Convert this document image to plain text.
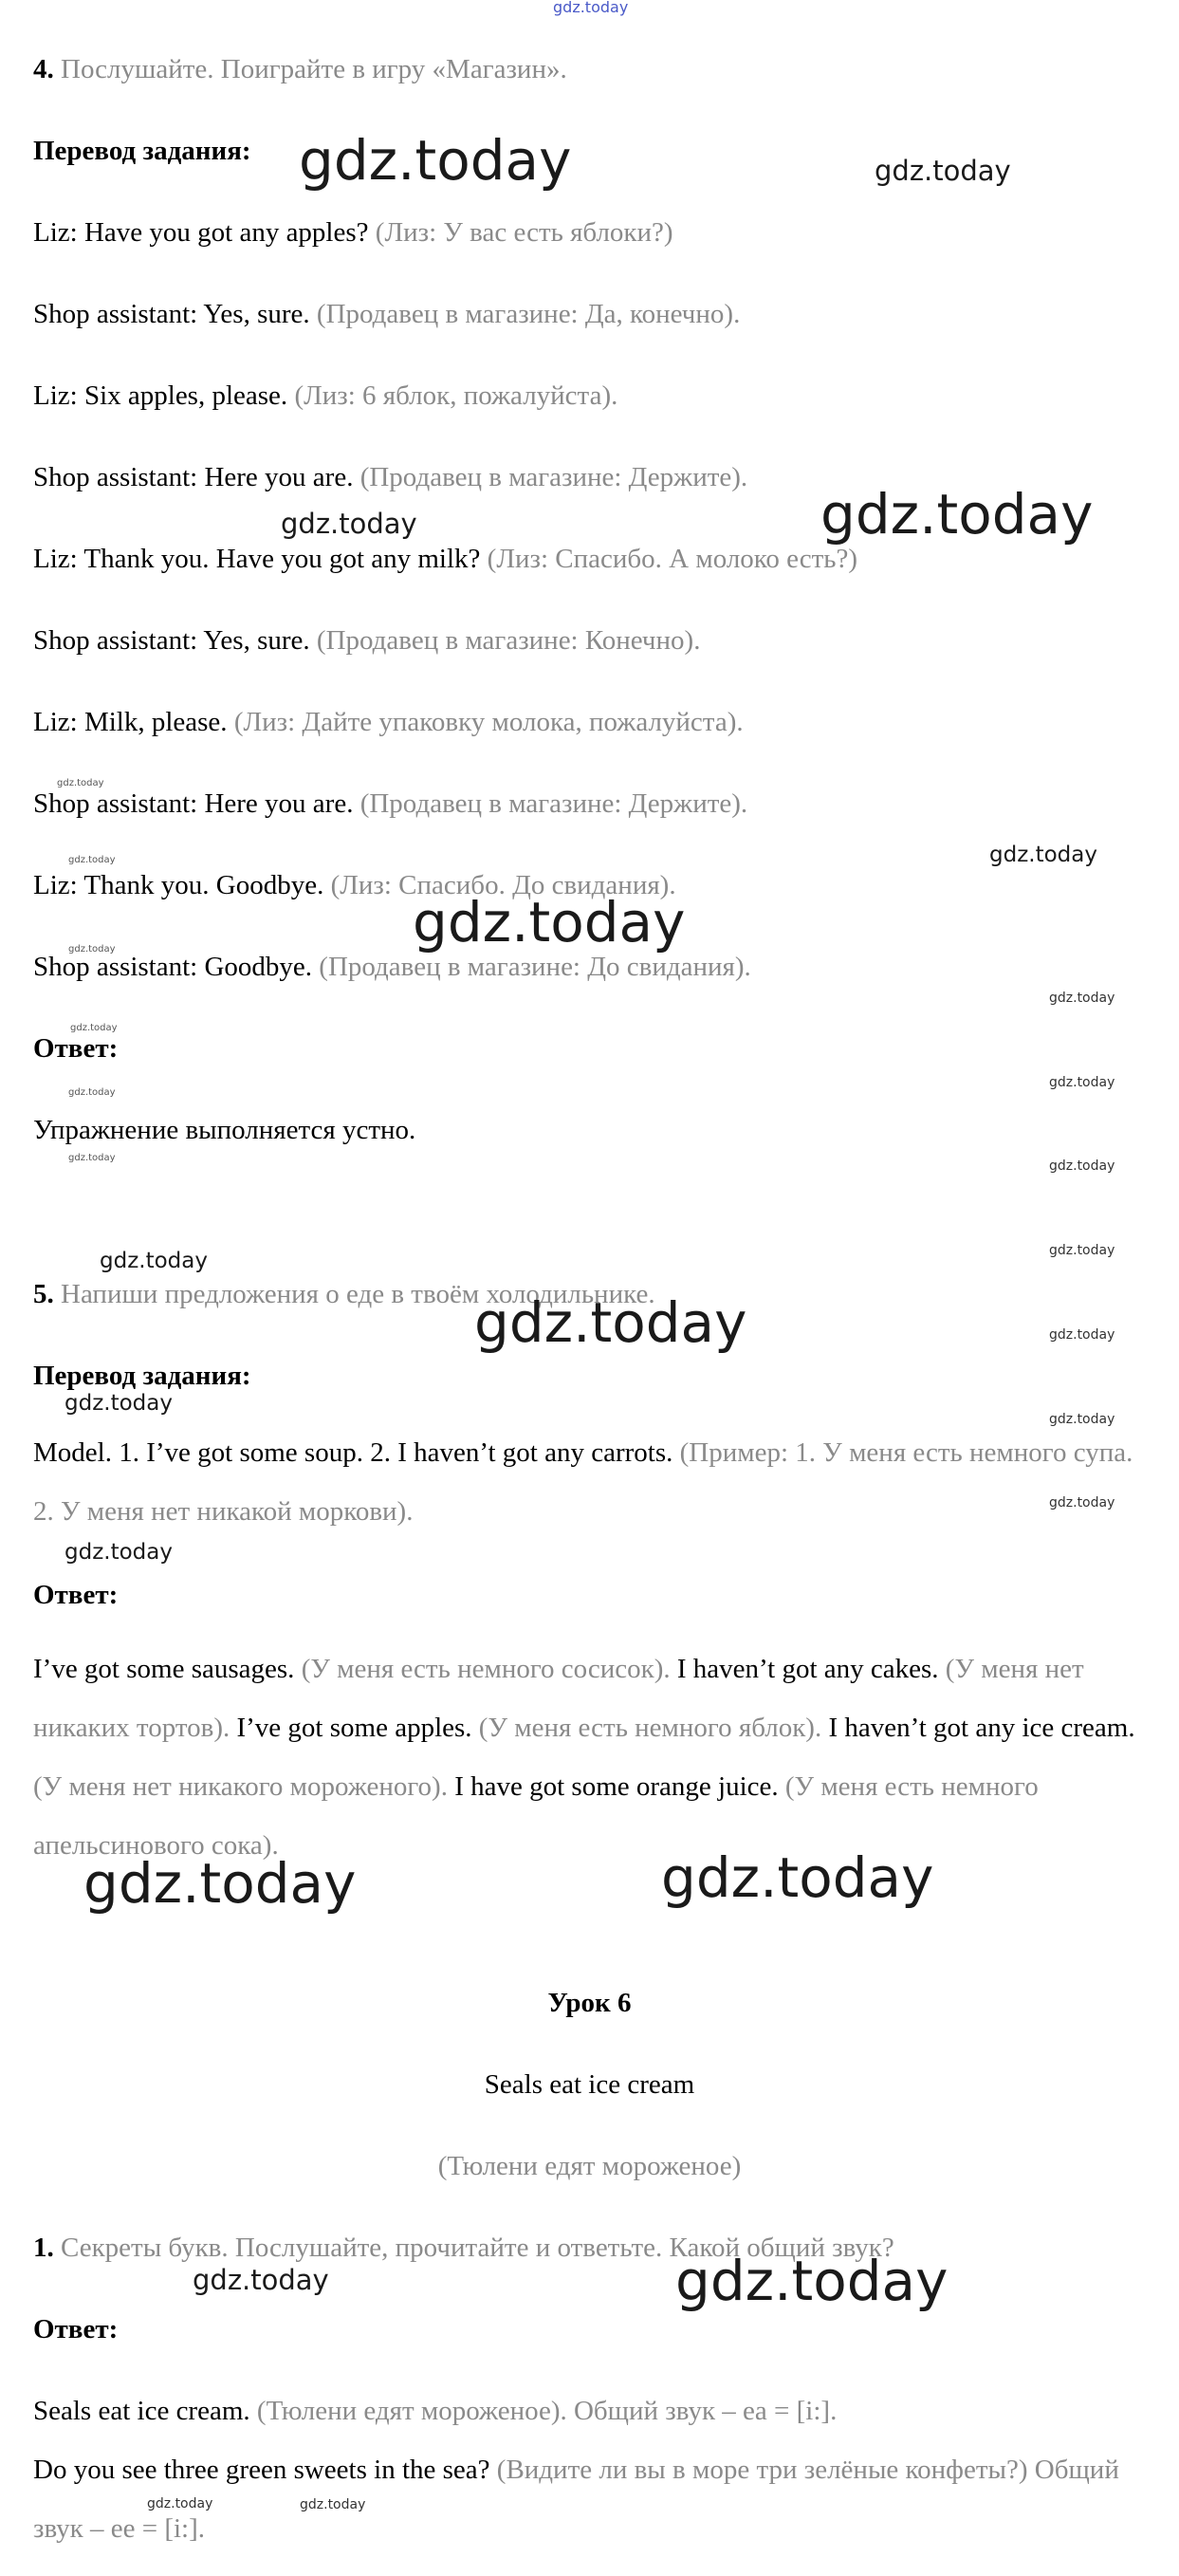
4. Послушайте. Поиграйте в игру «Магазин».
Перевод задания:
Liz: Have you got any apples? (Лиз: У вас есть яблоки?)
Shop assistant: Yes, sure. (Продавец в магазине: Да, конечно).
Liz: Six apples, please. (Лиз: 6 яблок, пожалуйста).
Shop assistant: Here you are. (Продавец в магазине: Держите).
Liz: Thank you. Have you got any milk? (Лиз: Спасибо. А молоко есть?)
Shop assistant: Yes, sure. (Продавец в магазине: Конечно).
Liz: Milk, please. (Лиз: Дайте упаковку молока, пожалуйста).
Shop assistant: Here you are. (Продавец в магазине: Держите).
Liz: Thank you. Goodbye. (Лиз: Спасибо. До свидания).
Shop assistant: Goodbye. (Продавец в магазине: До свидания).
Ответ:
Упражнение выполняется устно.
5. Напиши предложения о еде в твоём холодильнике.
Перевод задания:
Model. 1. I’ve got some soup. 2. I haven’t got any carrots. (Пример: 1. У меня есть немного супа. 2. У меня нет никакой моркови).
Ответ:
I’ve got some sausages. (У меня есть немного сосисок). I haven’t got any cakes. (У меня нет никаких тортов). I’ve got some apples. (У меня есть немного яблок). I haven’t got any ice cream. (У меня нет никакого мороженого). I have got some orange juice. (У меня есть немного апельсинового сока).
Урок 6
Seals eat ice cream
(Тюлени едят мороженое)
1. Секреты букв. Послушайте, прочитайте и ответьте. Какой общий звук?
Ответ:
Seals eat ice cream. (Тюлени едят мороженое). Общий звук – ea = [i:].
Do you see three green sweets in the sea? (Видите ли вы в море три зелёные конфеты?) Общий звук – ee = [i:].
gdz.today
gdz.today	gdz.today
gdz.today	gdz.today
gdz.today
gdz.today	gdz.today
gdz.today
gdz.today
gdz.today
gdz.today
gdz.today
gdz.today
gdz.today
gdz.today
gdz.today	gdz.today
gdz.today	gdz.today
gdz.today
gdz.today
gdz.today
gdz.today
gdz.today	gdz.today
gdz.today	gdz.today
gdz.today	gdz.today
